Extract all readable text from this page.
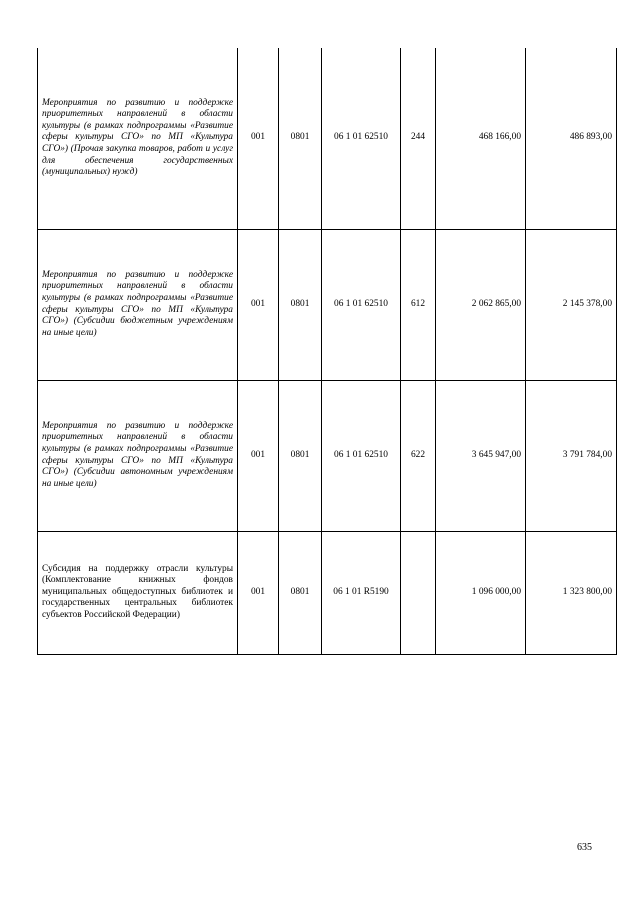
Мероприятия по развитию и поддержке приоритетных направлений в области культуры (в рамках подпрограммы «Развитие сферы культуры СГО» по МП «Культура СГО») (Прочая закупка товаров, работ и услуг для обеспечения государственных (муниципальных) нужд)	001	0801	06 1 01 62510	244	468 166,00	486 893,00
Мероприятия по развитию и поддержке приоритетных направлений в области культуры (в рамках подпрограммы «Развитие сферы культуры СГО» по МП «Культура СГО») (Субсидии бюджетным учреждениям на иные цели)	001	0801	06 1 01 62510	612	2 062 865,00	2 145 378,00
Мероприятия по развитию и поддержке приоритетных направлений в области культуры (в рамках подпрограммы «Развитие сферы культуры СГО» по МП «Культура СГО») (Субсидии автономным учреждениям на иные цели)	001	0801	06 1 01 62510	622	3 645 947,00	3 791 784,00
Субсидия на поддержку отрасли культуры (Комплектование книжных фондов муниципальных общедоступных библиотек и государственных центральных библиотек субъектов Российской Федерации)	001	0801	06 1 01 R5190		1 096 000,00	1 323 800,00
635
